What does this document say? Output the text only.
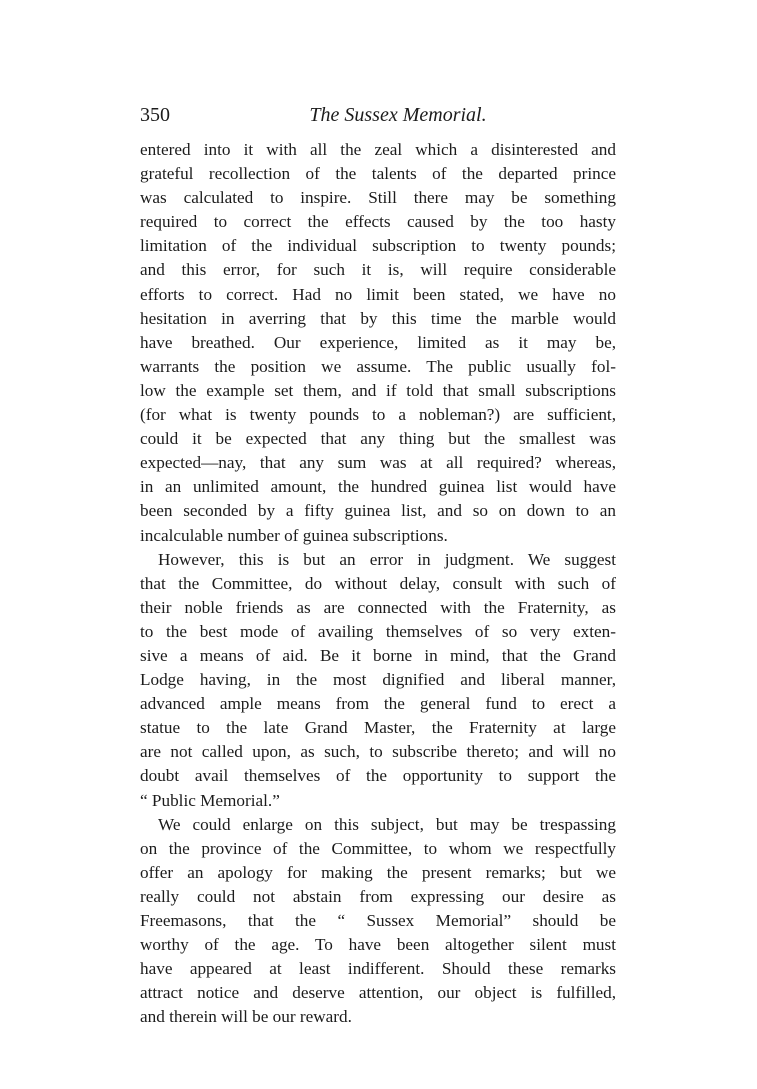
350	The Sussex Memorial.

entered into it with all the zeal which a disinterested and
grateful recollection of the talents of the departed prince
was calculated to inspire. Still there may be something
required to correct the effects caused by the too hasty
limitation of the individual subscription to twenty pounds;
and this error, for such it is, will require considerable
efforts to correct. Had no limit been stated, we have no
hesitation in averring that by this time the marble would
have breathed. Our experience, limited as it may be,
warrants the position we assume. The public usually fol-
low the example set them, and if told that small subscriptions
(for what is twenty pounds to a nobleman?) are sufficient,
could it be expected that any thing but the smallest was
expected—nay, that any sum was at all required? whereas,
in an unlimited amount, the hundred guinea list would have
been seconded by a fifty guinea list, and so on down to an
incalculable number of guinea subscriptions.

However, this is but an error in judgment. We suggest
that the Committee, do without delay, consult with such of
their noble friends as are connected with the Fraternity, as
to the best mode of availing themselves of so very exten-
sive a means of aid. Be it borne in mind, that the Grand
Lodge having, in the most dignified and liberal manner,
advanced ample means from the general fund to erect a
statue to the late Grand Master, the Fraternity at large
are not called upon, as such, to subscribe thereto; and will no
doubt avail themselves of the opportunity to support the
“ Public Memorial.”

We could enlarge on this subject, but may be trespassing
on the province of the Committee, to whom we respectfully
offer an apology for making the present remarks; but we
really could not abstain from expressing our desire as
Freemasons, that the “ Sussex Memorial” should be
worthy of the age. To have been altogether silent must
have appeared at least indifferent. Should these remarks
attract notice and deserve attention, our object is fulfilled,
and therein will be our reward.
